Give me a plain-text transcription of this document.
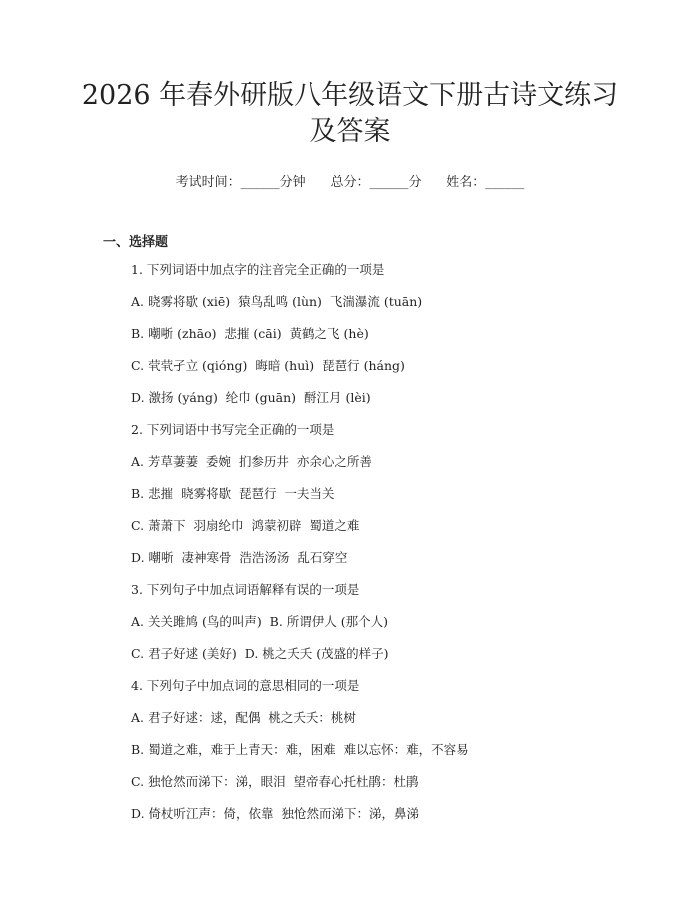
2026 年春外研版八年级语文下册古诗文练习
及答案
考试时间：______分钟 总分：______分 姓名：______
一、选择题
1. 下列词语中加点字的注音完全正确的一项是
A. 晓雾将歇 (xiē)  猿鸟乱鸣 (lùn)  飞湍瀑流 (tuān)
B. 嘲哳 (zhāo)  悲摧 (cāi)  黄鹤之飞 (hè)
C. 茕茕孑立 (qióng)  晦暗 (huì)  琵琶行 (háng)
D. 激扬 (yáng)  纶巾 (guān)  酹江月 (lèi)
2. 下列词语中书写完全正确的一项是
A. 芳草萋萋  委婉  扪参历井  亦余心之所善
B. 悲摧  晓雾将歇  琵琶行  一夫当关
C. 萧萧下  羽扇纶巾  鸿蒙初辟  蜀道之难
D. 嘲哳  凄神寒骨  浩浩汤汤  乱石穿空
3. 下列句子中加点词语解释有误的一项是
A. 关关雎鸠 (鸟的叫声)  B. 所谓伊人 (那个人)
C. 君子好逑 (美好)  D. 桃之夭夭 (茂盛的样子)
4. 下列句子中加点词的意思相同的一项是
A. 君子好逑：逑，配偶  桃之夭夭：桃树
B. 蜀道之难，难于上青天：难，困难  难以忘怀：难，不容易
C. 独怆然而涕下：涕，眼泪  望帝春心托杜鹃：杜鹃
D. 倚杖听江声：倚，依靠  独怆然而涕下：涕，鼻涕
